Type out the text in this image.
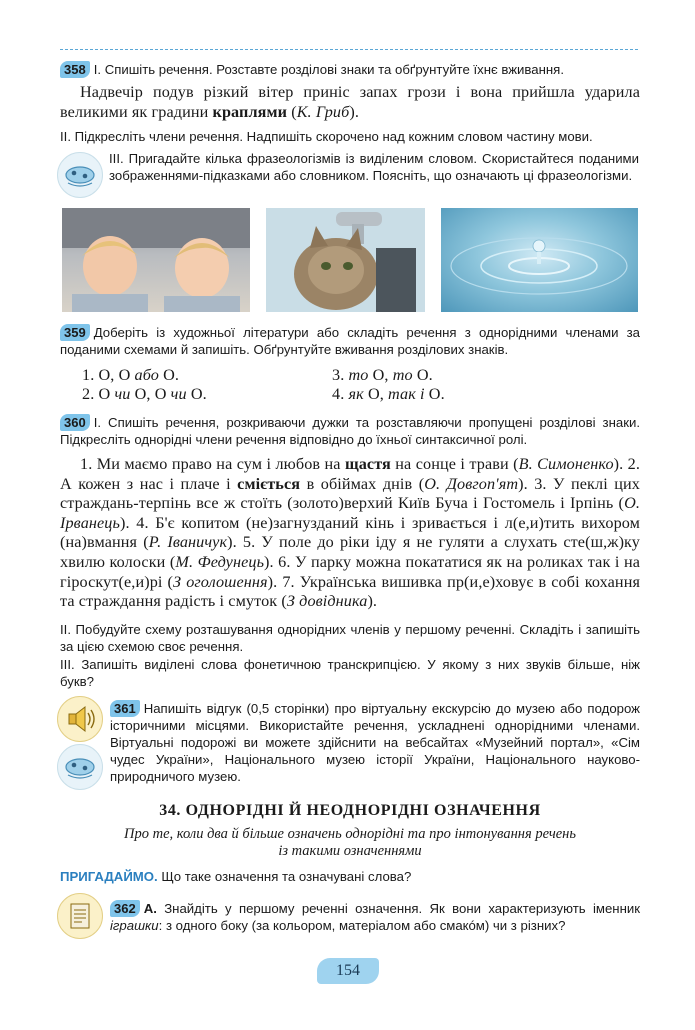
358 І. Спишіть речення. Розставте розділові знаки та обґрунтуйте їхнє вживання.
Надвечір подув різкий вітер приніс запах грози і вона прийшла ударила великими як градини краплями (К. Гриб).
ІІ. Підкресліть члени речення. Надпишіть скорочено над кожним словом частину мови.
ІІІ. Пригадайте кілька фразеологізмів із виділеним словом. Скористайтеся поданими зображеннями-підказками або словником. Поясніть, що означають ці фразеологізми.
359 Доберіть із художньої літератури або складіть речення з однорідними членами за поданими схемами й запишіть. Обґрунтуйте вживання розділових знаків.
1. О, О або О.
2. О чи О, О чи О.
3. то О, то О.
4. як О, так і О.
360 І. Спишіть речення, розкриваючи дужки та розставляючи пропущені розділові знаки. Підкресліть однорідні члени речення відповідно до їхньої синтаксичної ролі.
1. Ми маємо право на сум і любов на щастя на сонце і трави (В. Симоненко). 2. А кожен з нас і плаче і сміється в обіймах днів (О. Довгоп'ят). 3. У пеклі цих страждань-терпінь все ж стоїть (золото)верхий Київ Буча і Гостомель і Ірпінь (О. Ірванець). 4. Б'є копитом (не)загнузданий кінь і зривається і л(е,и)тить вихором (на)вмання (Р. Іваничук). 5. У поле до ріки іду я не гуляти а слухать сте(ш,ж)ку хвилю колоски (М. Федунець). 6. У парку можна покататися як на роликах так і на гіроскут(е,и)рі (З оголошення). 7. Українська вишивка пр(и,е)ховує в собі кохання та страждання радість і смуток (З довідника).
ІІ. Побудуйте схему розташування однорідних членів у першому реченні. Складіть і запишіть за цією схемою своє речення.
ІІІ. Запишіть виділені слова фонетичною транскрипцією. У якому з них звуків більше, ніж букв?
361 Напишіть відгук (0,5 сторінки) про віртуальну екскурсію до музею або подорож історичними місцями. Використайте речення, ускладнені однорідними членами. Віртуальні подорожі ви можете здійснити на вебсайтах «Музейний портал», «Сім чудес України», Національного музею історії України, Національного науково-природничого музею.
34. ОДНОРІДНІ Й НЕОДНОРІДНІ ОЗНАЧЕННЯ
Про те, коли два й більше означень однорідні та про інтонування речень
із такими означеннями
ПРИГАДАЙМО. Що таке означення та означувані слова?
362 А. Знайдіть у першому реченні означення. Як вони характеризують іменник іграшки: з одного боку (за кольором, матеріалом або смакóм) чи з різних?
154
